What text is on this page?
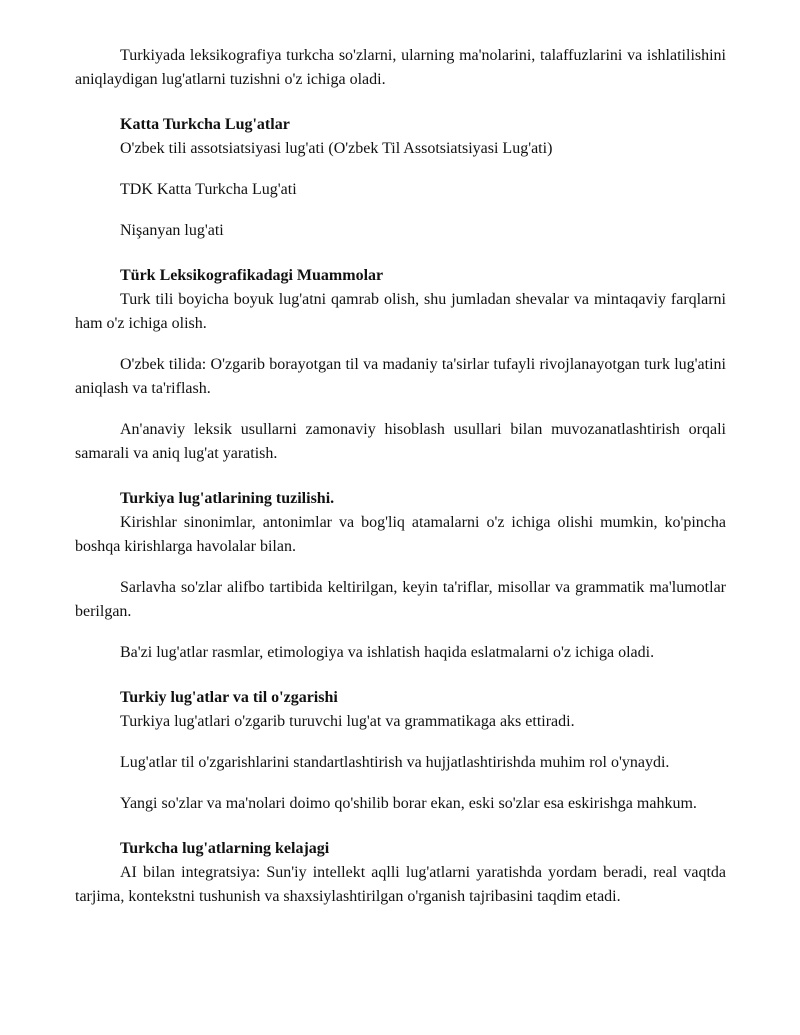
Turkiyada leksikografiya turkcha so'zlarni, ularning ma'nolarini, talaffuzlarini va ishlatilishini aniqlaydigan lug'atlarni tuzishni o'z ichiga oladi.

Katta Turkcha Lug'atlar

O'zbek tili assotsiatsiyasi lug'ati (O'zbek Til Assotsiatsiyasi Lug'ati)

TDK Katta Turkcha Lug'ati

Nişanyan lug'ati

Türk Leksikografikadagi Muammolar

Turk tili boyicha boyuk lug'atni qamrab olish, shu jumladan shevalar va mintaqaviy farqlarni ham o'z ichiga olish.

O'zbek tilida: O'zgarib borayotgan til va madaniy ta'sirlar tufayli rivojlanayotgan turk lug'atini aniqlash va ta'riflash.

An'anaviy leksik usullarni zamonaviy hisoblash usullari bilan muvozanatlashtirish orqali samarali va aniq lug'at yaratish.

Turkiya lug'atlarining tuzilishi.

Kirishlar sinonimlar, antonimlar va bog'liq atamalarni o'z ichiga olishi mumkin, ko'pincha boshqa kirishlarga havolalar bilan.

Sarlavha so'zlar alifbo tartibida keltirilgan, keyin ta'riflar, misollar va grammatik ma'lumotlar berilgan.

Ba'zi lug'atlar rasmlar, etimologiya va ishlatish haqida eslatmalarni o'z ichiga oladi.

Turkiy lug'atlar va til o'zgarishi

Turkiya lug'atlari o'zgarib turuvchi lug'at va grammatikaga aks ettiradi.

Lug'atlar til o'zgarishlarini standartlashtirish va hujjatlashtirishda muhim rol o'ynaydi.

Yangi so'zlar va ma'nolari doimo qo'shilib borar ekan, eski so'zlar esa eskirishga mahkum.

Turkcha lug'atlarning kelajagi

AI bilan integratsiya: Sun'iy intellekt aqlli lug'atlarni yaratishda yordam beradi, real vaqtda tarjima, kontekstni tushunish va shaxsiylashtirilgan o'rganish tajribasini taqdim etadi.
